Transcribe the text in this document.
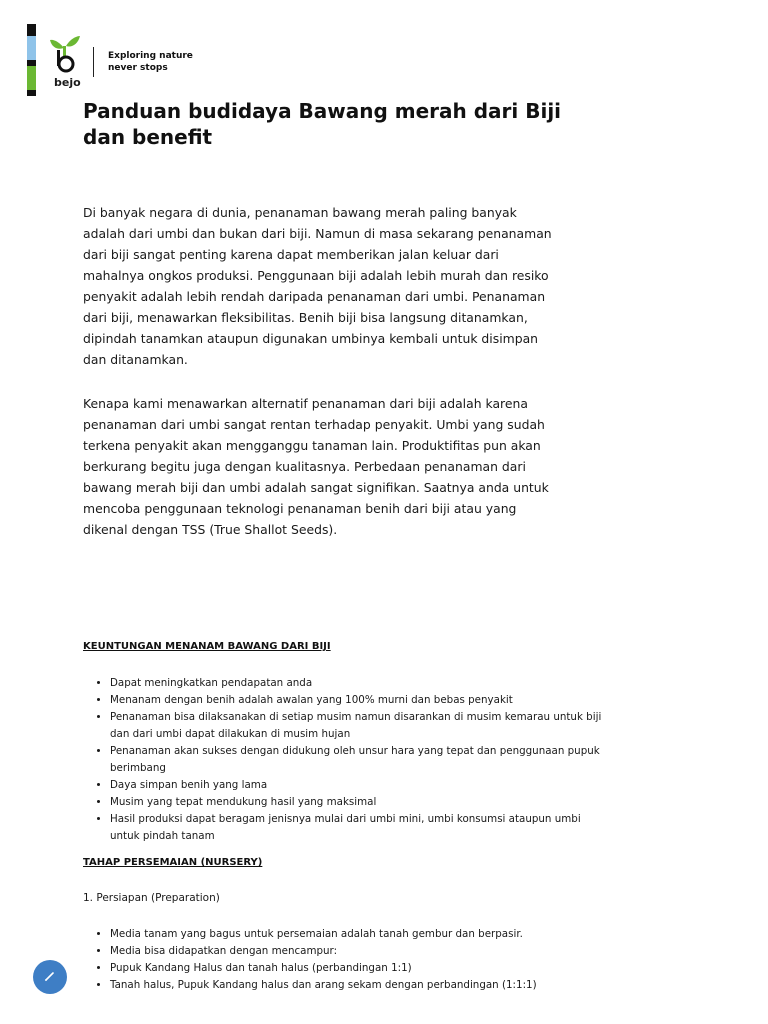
bejo
Exploring nature
never stops
Panduan budidaya Bawang merah dari Biji
dan benefit

Di banyak negara di dunia, penanaman bawang merah paling banyak adalah dari umbi dan bukan dari biji. Namun di masa sekarang penanaman dari biji sangat penting karena dapat memberikan jalan keluar dari mahalnya ongkos produksi. Penggunaan biji adalah lebih murah dan resiko penyakit adalah lebih rendah daripada penanaman dari umbi. Penanaman dari biji, menawarkan fleksibilitas. Benih biji bisa langsung ditanamkan, dipindah tanamkan ataupun digunakan umbinya kembali untuk disimpan dan ditanamkan.

Kenapa kami menawarkan alternatif penanaman dari biji adalah karena penanaman dari umbi sangat rentan terhadap penyakit. Umbi yang sudah terkena penyakit akan mengganggu tanaman lain. Produktifitas pun akan berkurang begitu juga dengan kualitasnya. Perbedaan penanaman dari bawang merah biji dan umbi adalah sangat signifikan. Saatnya anda untuk mencoba penggunaan teknologi penanaman benih dari biji atau yang dikenal dengan TSS (True Shallot Seeds).

KEUNTUNGAN MENANAM BAWANG DARI BIJI

• Dapat meningkatkan pendapatan anda
• Menanam dengan benih adalah awalan yang 100% murni dan bebas penyakit
• Penanaman bisa dilaksanakan di setiap musim namun disarankan di musim kemarau untuk biji dan dari umbi dapat dilakukan di musim hujan
• Penanaman akan sukses dengan didukung oleh unsur hara yang tepat dan penggunaan pupuk berimbang
• Daya simpan benih yang lama
• Musim yang tepat mendukung hasil yang maksimal
• Hasil produksi dapat beragam jenisnya mulai dari umbi mini, umbi konsumsi ataupun umbi untuk pindah tanam

TAHAP PERSEMAIAN (NURSERY)

1. Persiapan (Preparation)

• Media tanam yang bagus untuk persemaian adalah tanah gembur dan berpasir.
• Media bisa didapatkan dengan mencampur:
• Pupuk Kandang Halus dan tanah halus (perbandingan 1:1)
• Tanah halus, Pupuk Kandang halus dan arang sekam dengan perbandingan (1:1:1)
